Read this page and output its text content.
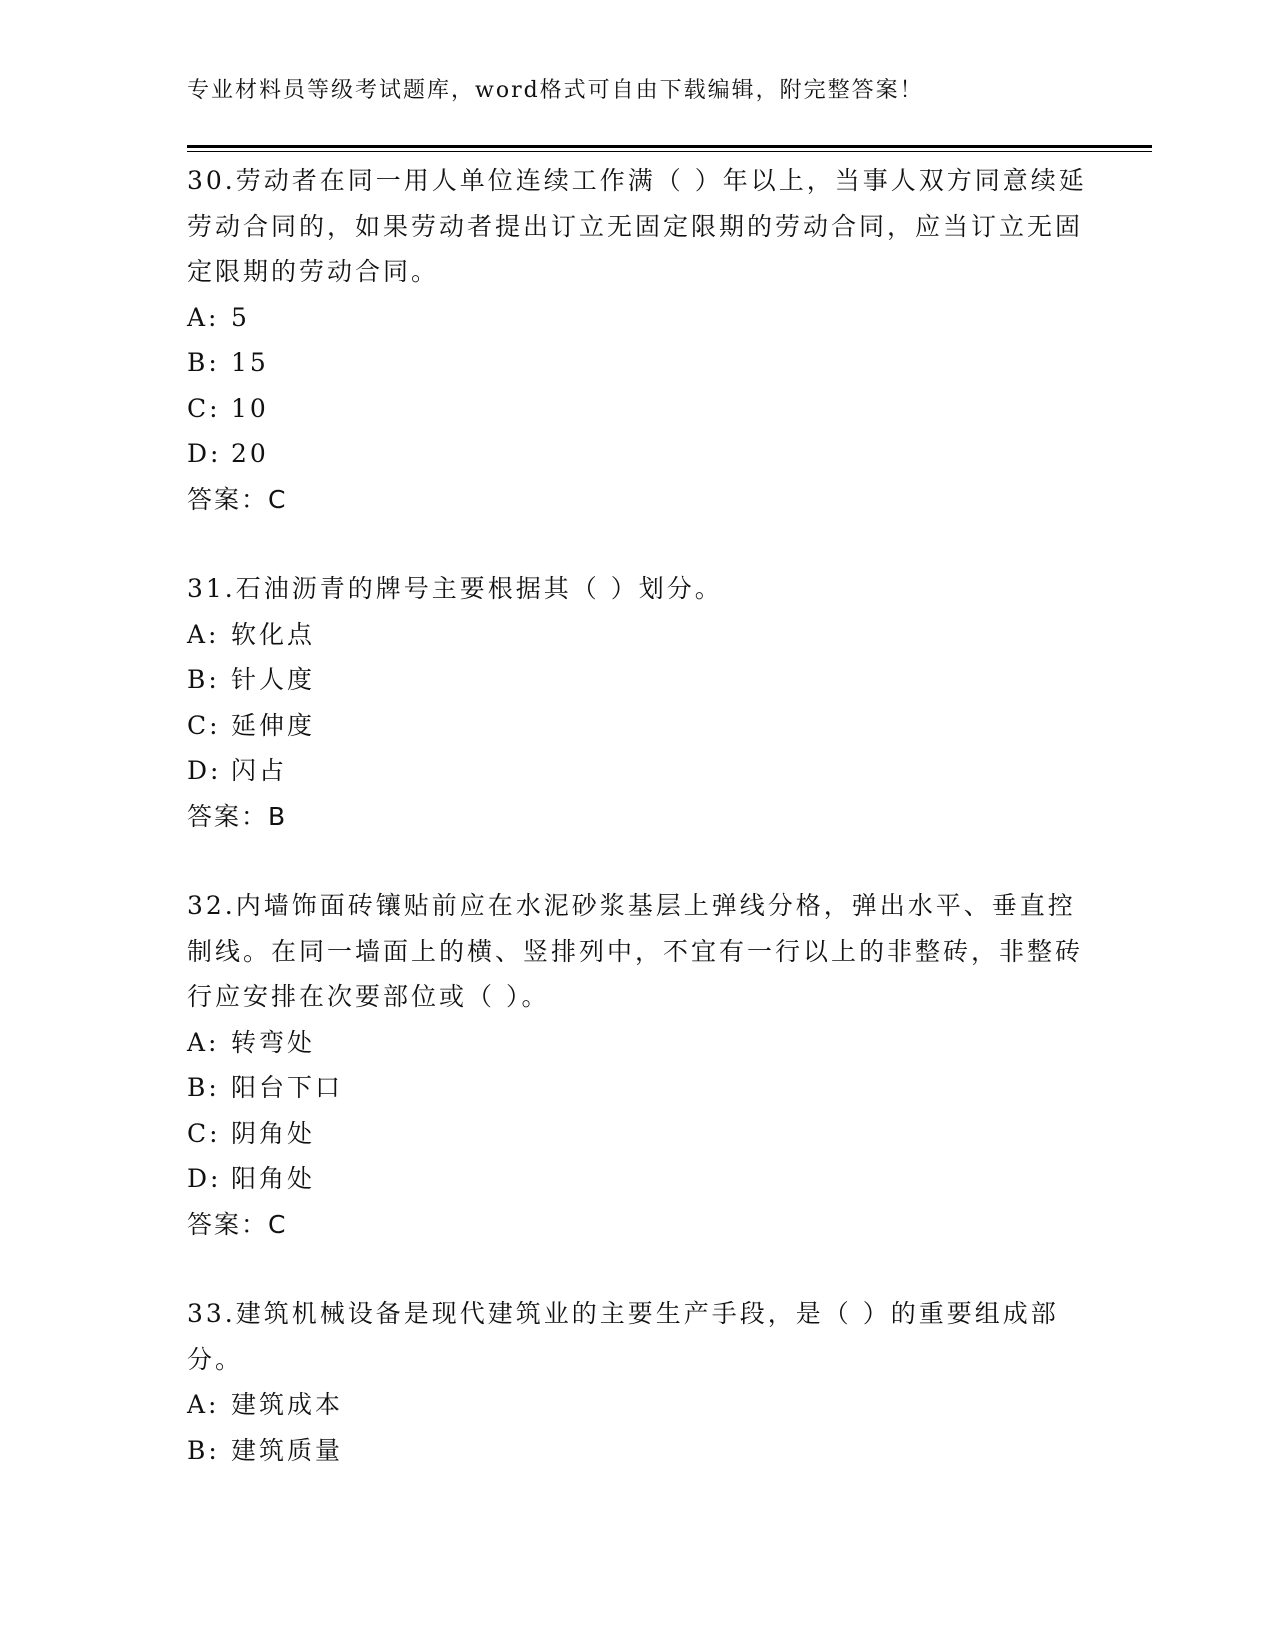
专业材料员等级考试题库，word格式可自由下载编辑，附完整答案！
30.劳动者在同一用人单位连续工作满（ ）年以上，当事人双方同意续延劳动合同的，如果劳动者提出订立无固定限期的劳动合同，应当订立无固定限期的劳动合同。
A: 5
B: 15
C: 10
D: 20
答案：C
31.石油沥青的牌号主要根据其（ ）划分。
A: 软化点
B: 针人度
C: 延伸度
D: 闪占
答案：B
32.内墙饰面砖镶贴前应在水泥砂浆基层上弹线分格，弹出水平、垂直控制线。在同一墙面上的横、竖排列中，不宜有一行以上的非整砖，非整砖行应安排在次要部位或（ ）。
A: 转弯处
B: 阳台下口
C: 阴角处
D: 阳角处
答案：C
33.建筑机械设备是现代建筑业的主要生产手段，是（ ）的重要组成部分。
A: 建筑成本
B: 建筑质量
